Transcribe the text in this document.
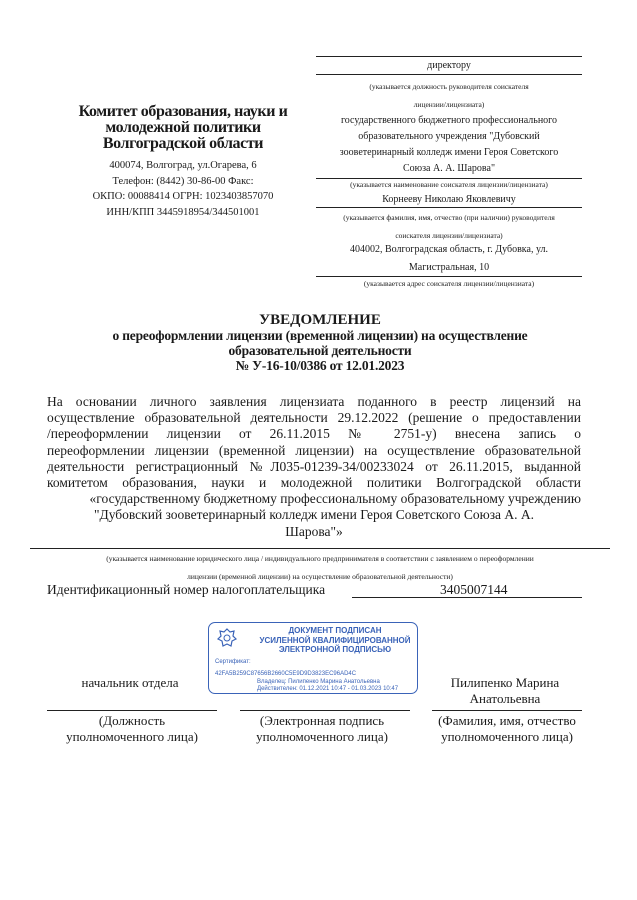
Комитет образования, науки и
молодежной политики
Волгоградской области
400074, Волгоград, ул.Огарева, 6
Телефон: (8442) 30-86-00 Факс:
ОКПО: 00088414 ОГРН: 1023403857070
ИНН/КПП 3445918954/344501001
директору
(указывается должность руководителя соискателя
лицензии/лицензиата)
государственного бюджетного профессионального
образовательного учреждения "Дубовский
зооветеринарный колледж имени Героя Советского
Союза А. А. Шарова"
(указывается наименование соискателя лицензии/лицензиата)
Корнееву Николаю Яковлевичу
(указывается фамилия, имя, отчество (при наличии) руководителя
соискателя лицензии/лицензиата)
404002, Волгоградская область, г. Дубовка, ул.
Магистральная, 10
(указывается адрес соискателя лицензии/лицензиата)
УВЕДОМЛЕНИЕ
о переоформлении лицензии (временной лицензии) на осуществление
образовательной деятельности
№ У-16-10/0386 от 12.01.2023
На основании личного заявления лицензиата поданного в реестр лицензий на
осуществление образовательной деятельности 29.12.2022 (решение о предоставлении
/переоформлении лицензии от 26.11.2015 № 2751-у) внесена запись о
переоформлении лицензии (временной лицензии) на осуществление образовательной
деятельности регистрационный №Л035-01239-34/00233024 от 26.11.2015, выданной
комитетом образования, науки и молодежной политики Волгоградской области
«государственному бюджетному профессиональному образовательному учреждению
"Дубовский зооветеринарный колледж имени Героя Советского Союза А. А.
Шарова"»
(указывается наименование юридического лица / индивидуального предпринимателя в соответствии с заявлением о переоформлении
лицензии (временной лицензии) на осуществление образовательной деятельности)
Идентификационный номер налогоплательщика	3405007144
ДОКУМЕНТ ПОДПИСАН
УСИЛЕННОЙ КВАЛИФИЦИРОВАННОЙ
ЭЛЕКТРОННОЙ ПОДПИСЬЮ
Сертификат:
42FA5B259C87656B2660C5E9D9D3823EC96AD4C
Владелец: Пилипенко Марина Анатольевна
Действителен: 01.12.2021 10:47 - 01.03.2023 10:47
начальник отдела	Пилипенко Марина
Анатольевна
(Должность
уполномоченного лица)
(Электронная подпись
уполномоченного лица)
(Фамилия, имя, отчество
уполномоченного лица)
